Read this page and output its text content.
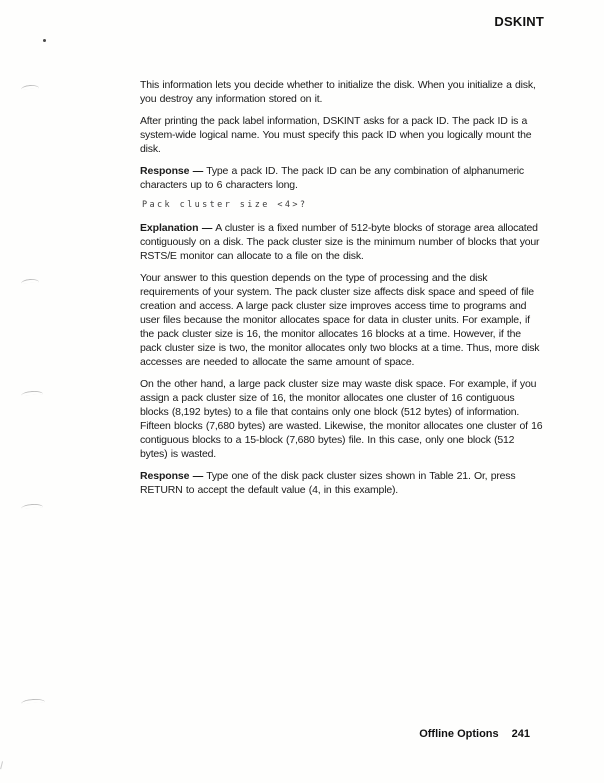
DSKINT

This information lets you decide whether to initialize the disk. When you initialize a disk, you destroy any information stored on it.

After printing the pack label information, DSKINT asks for a pack ID. The pack ID is a system-wide logical name. You must specify this pack ID when you logically mount the disk.

Response — Type a pack ID. The pack ID can be any combination of alphanumeric characters up to 6 characters long.

Pack cluster size <4>?

Explanation — A cluster is a fixed number of 512-byte blocks of storage area allocated contiguously on a disk. The pack cluster size is the minimum number of blocks that your RSTS/E monitor can allocate to a file on the disk.

Your answer to this question depends on the type of processing and the disk requirements of your system. The pack cluster size affects disk space and speed of file creation and access. A large pack cluster size improves access time to programs and user files because the monitor allocates space for data in cluster units. For example, if the pack cluster size is 16, the monitor allocates 16 blocks at a time. However, if the pack cluster size is two, the monitor allocates only two blocks at a time. Thus, more disk accesses are needed to allocate the same amount of space.

On the other hand, a large pack cluster size may waste disk space. For example, if you assign a pack cluster size of 16, the monitor allocates one cluster of 16 contiguous blocks (8,192 bytes) to a file that contains only one block (512 bytes) of information. Fifteen blocks (7,680 bytes) are wasted. Likewise, the monitor allocates one cluster of 16 contiguous blocks to a 15-block (7,680 bytes) file. In this case, only one block (512 bytes) is wasted.

Response — Type one of the disk pack cluster sizes shown in Table 21. Or, press RETURN to accept the default value (4, in this example).

Offline Options 241
